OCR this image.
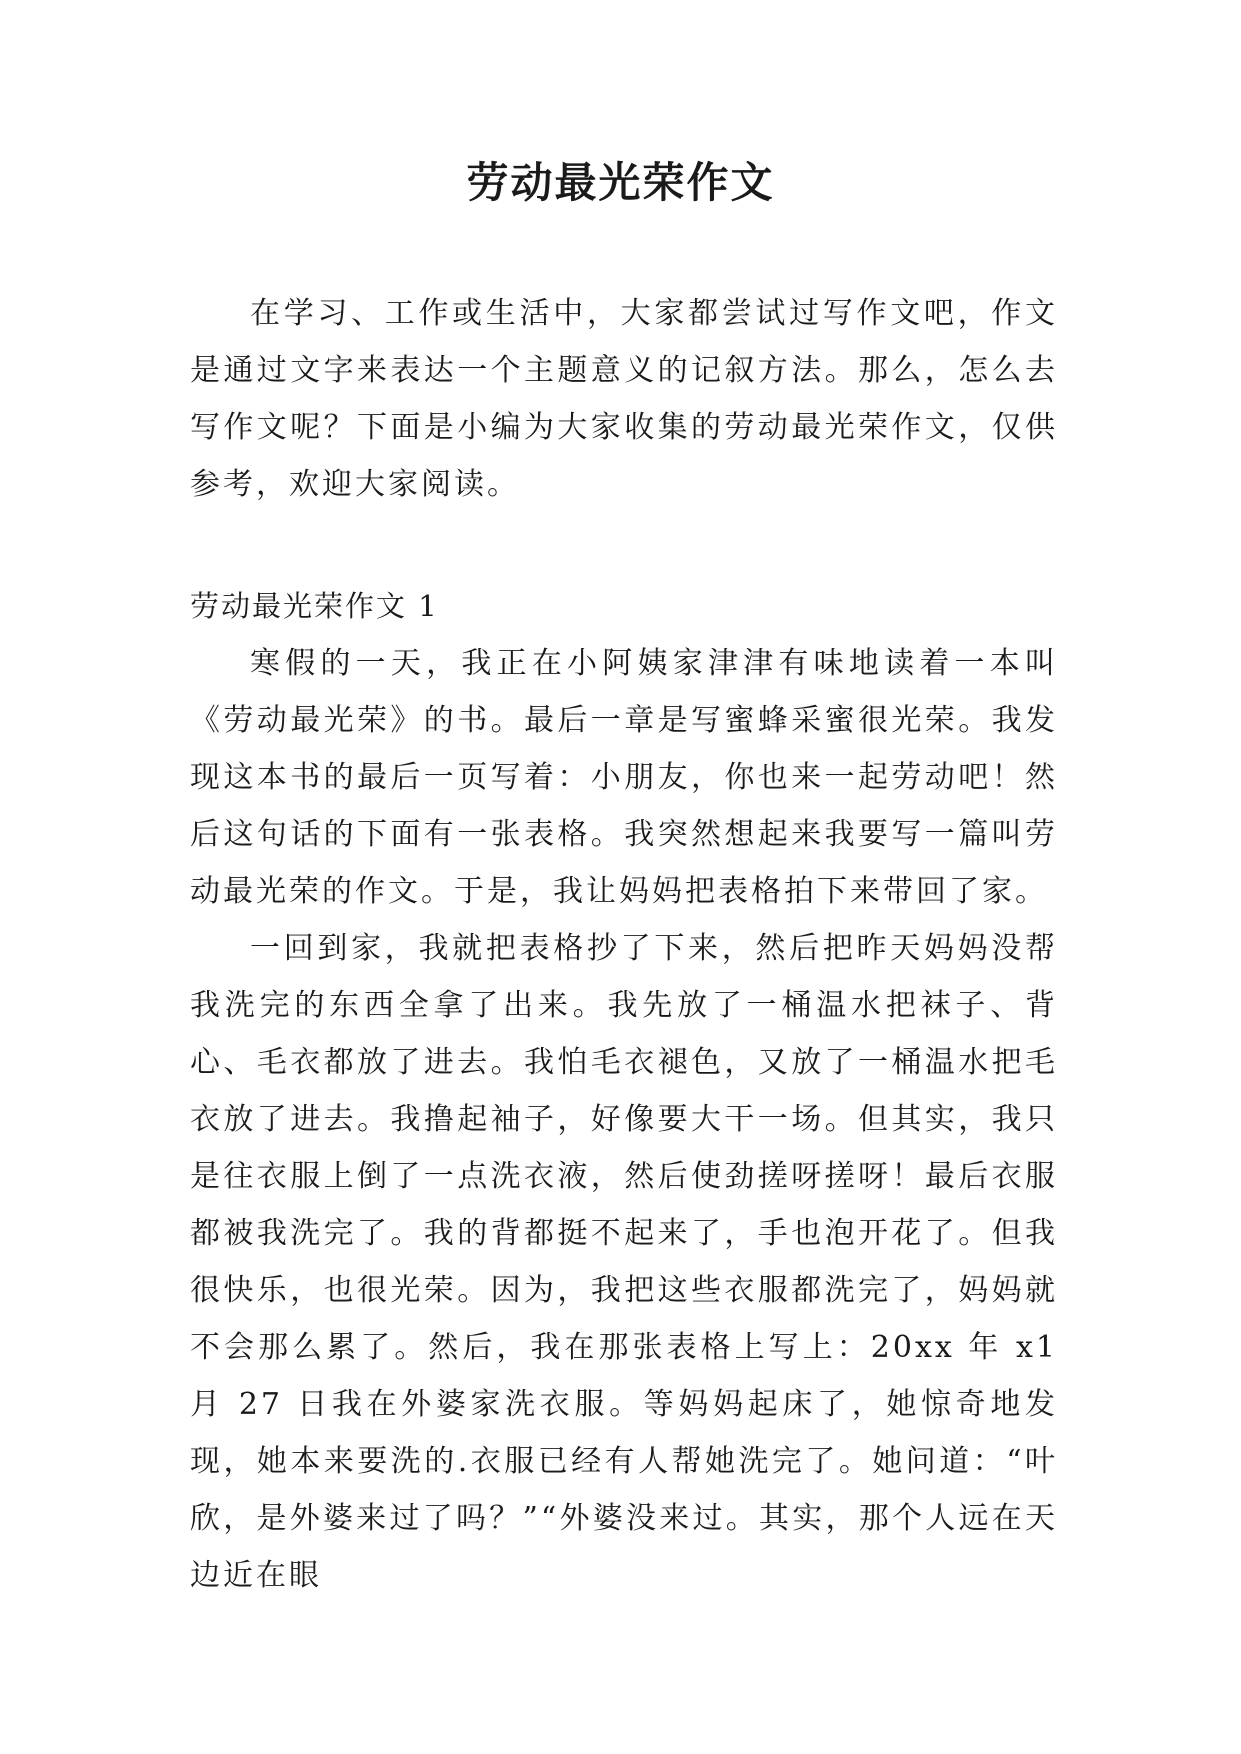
劳动最光荣作文

在学习、工作或生活中，大家都尝试过写作文吧，作文是通过文字来表达一个主题意义的记叙方法。那么，怎么去写作文呢？下面是小编为大家收集的劳动最光荣作文，仅供参考，欢迎大家阅读。

劳动最光荣作文 1

寒假的一天，我正在小阿姨家津津有味地读着一本叫《劳动最光荣》的书。最后一章是写蜜蜂采蜜很光荣。我发现这本书的最后一页写着：小朋友，你也来一起劳动吧！然后这句话的下面有一张表格。我突然想起来我要写一篇叫劳动最光荣的作文。于是，我让妈妈把表格拍下来带回了家。

一回到家，我就把表格抄了下来，然后把昨天妈妈没帮我洗完的东西全拿了出来。我先放了一桶温水把袜子、背心、毛衣都放了进去。我怕毛衣褪色，又放了一桶温水把毛衣放了进去。我撸起袖子，好像要大干一场。但其实，我只是往衣服上倒了一点洗衣液，然后使劲搓呀搓呀！最后衣服都被我洗完了。我的背都挺不起来了，手也泡开花了。但我很快乐，也很光荣。因为，我把这些衣服都洗完了，妈妈就不会那么累了。然后，我在那张表格上写上：20xx 年 x1 月 27 日我在外婆家洗衣服。等妈妈起床了，她惊奇地发现，她本来要洗的.衣服已经有人帮她洗完了。她问道：“叶欣，是外婆来过了吗？”“外婆没来过。其实，那个人远在天边近在眼
